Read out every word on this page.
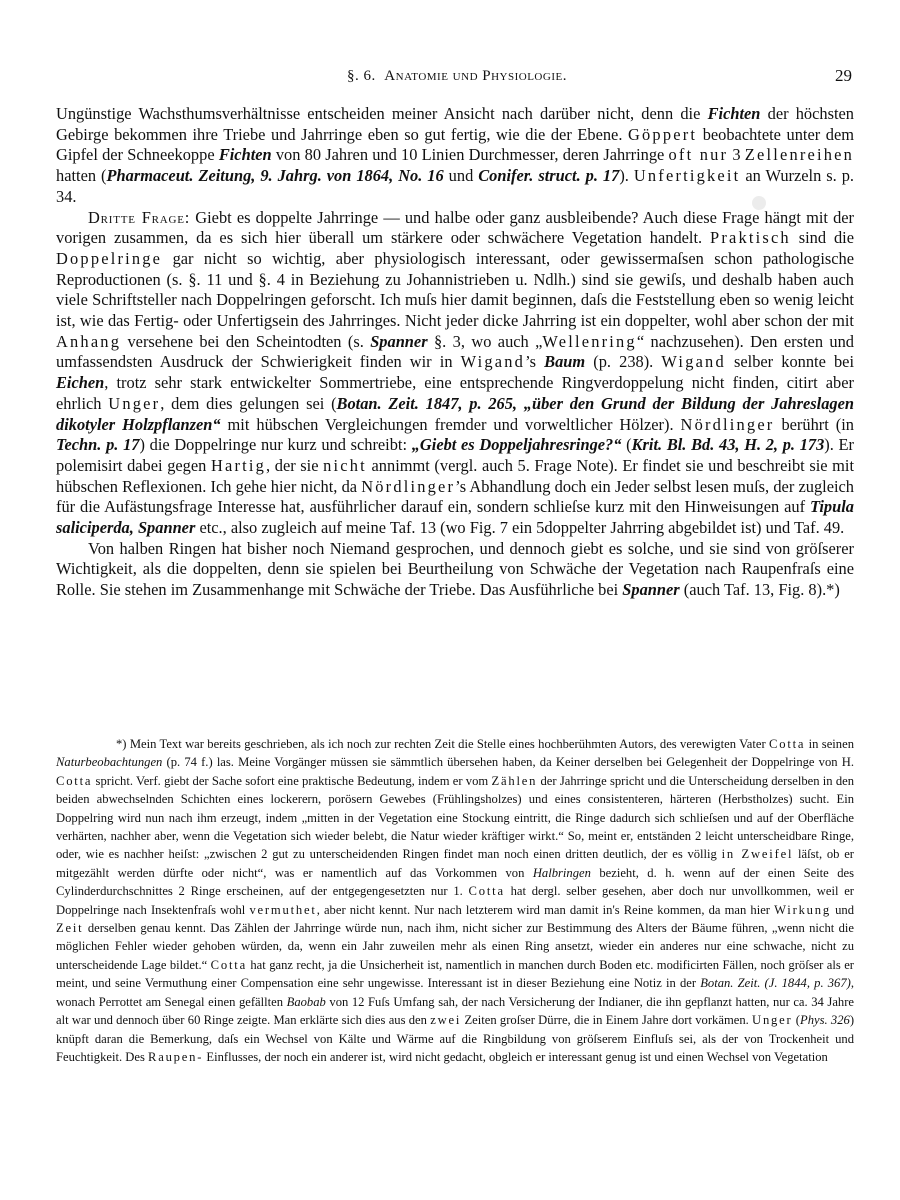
§. 6. Anatomie und Physiologie.	29

Ungünstige Wachsthumsverhältnisse entscheiden meiner Ansicht nach darüber nicht, denn die Fichten der höchsten Gebirge bekommen ihre Triebe und Jahrringe eben so gut fertig, wie die der Ebene. Göppert beobachtete unter dem Gipfel der Schneekoppe Fichten von 80 Jahren und 10 Linien Durchmesser, deren Jahrringe oft nur 3 Zellenreihen hatten (Pharmaceut. Zeitung, 9. Jahrg. von 1864, No. 16 und Conifer. struct. p. 17). Unfertigkeit an Wurzeln s. p. 34.

Dritte Frage: Giebt es doppelte Jahrringe — und halbe oder ganz ausbleibende? Auch diese Frage hängt mit der vorigen zusammen, da es sich hier überall um stärkere oder schwächere Vegetation handelt. Praktisch sind die Doppelringe gar nicht so wichtig, aber physiologisch interessant, oder gewissermaſsen schon pathologische Reproductionen (s. §. 11 und §. 4 in Beziehung zu Johannistrieben u. Ndlh.) sind sie gewiſs, und deshalb haben auch viele Schriftsteller nach Doppelringen geforscht. Ich muſs hier damit beginnen, daſs die Feststellung eben so wenig leicht ist, wie das Fertig- oder Unfertigsein des Jahrringes. Nicht jeder dicke Jahrring ist ein doppelter, wohl aber schon der mit Anhang versehene bei den Scheintodten (s. Spanner §. 3, wo auch „Wellenring“ nachzusehen). Den ersten und umfassendsten Ausdruck der Schwierigkeit finden wir in Wigand’s Baum (p. 238). Wigand selber konnte bei Eichen, trotz sehr stark entwickelter Sommertriebe, eine entsprechende Ringverdoppelung nicht finden, citirt aber ehrlich Unger, dem dies gelungen sei (Botan. Zeit. 1847, p. 265, „über den Grund der Bildung der Jahreslagen dikotyler Holzpflanzen“ mit hübschen Vergleichungen fremder und vorweltlicher Hölzer). Nördlinger berührt (in Techn. p. 17) die Doppelringe nur kurz und schreibt: „Giebt es Doppeljahresringe?“ (Krit. Bl. Bd. 43, H. 2, p. 173). Er polemisirt dabei gegen Hartig, der sie nicht annimmt (vergl. auch 5. Frage Note). Er findet sie und beschreibt sie mit hübschen Reflexionen. Ich gehe hier nicht, da Nördlinger’s Abhandlung doch ein Jeder selbst lesen muſs, der zugleich für die Aufästungsfrage Interesse hat, ausführlicher darauf ein, sondern schlieſse kurz mit den Hinweisungen auf Tipula saliciperda, Spanner etc., also zugleich auf meine Taf. 13 (wo Fig. 7 ein 5doppelter Jahrring abgebildet ist) und Taf. 49.

Von halben Ringen hat bisher noch Niemand gesprochen, und dennoch giebt es solche, und sie sind von gröſserer Wichtigkeit, als die doppelten, denn sie spielen bei Beurtheilung von Schwäche der Vegetation nach Raupenfraſs eine Rolle. Sie stehen im Zusammenhange mit Schwäche der Triebe. Das Ausführliche bei Spanner (auch Taf. 13, Fig. 8).*)

*) Mein Text war bereits geschrieben, als ich noch zur rechten Zeit die Stelle eines hochberühmten Autors, des verewigten Vater Cotta in seinen Naturbeobachtungen (p. 74 f.) las. Meine Vorgänger müssen sie sämmtlich übersehen haben, da Keiner derselben bei Gelegenheit der Doppelringe von H. Cotta spricht. Verf. giebt der Sache sofort eine praktische Bedeutung, indem er vom Zählen der Jahrringe spricht und die Unterscheidung derselben in den beiden abwechselnden Schichten eines lockerern, porösern Gewebes (Frühlingsholzes) und eines consistenteren, härteren (Herbstholzes) sucht. Ein Doppelring wird nun nach ihm erzeugt, indem „mitten in der Vegetation eine Stockung eintritt, die Ringe dadurch sich schlieſsen und auf der Oberfläche verhärten, nachher aber, wenn die Vegetation sich wieder belebt, die Natur wieder kräftiger wirkt.“ So, meint er, entständen 2 leicht unterscheidbare Ringe, oder, wie es nachher heiſst: „zwischen 2 gut zu unterscheidenden Ringen findet man noch einen dritten deutlich, der es völlig in Zweifel läſst, ob er mitgezählt werden dürfte oder nicht“, was er namentlich auf das Vorkommen von Halbringen bezieht, d. h. wenn auf der einen Seite des Cylinderdurchschnittes 2 Ringe erscheinen, auf der entgegengesetzten nur 1. Cotta hat dergl. selber gesehen, aber doch nur unvollkommen, weil er Doppelringe nach Insektenfraſs wohl vermuthet, aber nicht kennt. Nur nach letzterem wird man damit in's Reine kommen, da man hier Wirkung und Zeit derselben genau kennt. Das Zählen der Jahrringe würde nun, nach ihm, nicht sicher zur Bestimmung des Alters der Bäume führen, „wenn nicht die möglichen Fehler wieder gehoben würden, da, wenn ein Jahr zuweilen mehr als einen Ring ansetzt, wieder ein anderes nur eine schwache, nicht zu unterscheidende Lage bildet.“ Cotta hat ganz recht, ja die Unsicherheit ist, namentlich in manchen durch Boden etc. modificirten Fällen, noch gröſser als er meint, und seine Vermuthung einer Compensation eine sehr ungewisse. Interessant ist in dieser Beziehung eine Notiz in der Botan. Zeit. (J. 1844, p. 367), wonach Perrottet am Senegal einen gefällten Baobab von 12 Fuſs Umfang sah, der nach Versicherung der Indianer, die ihn gepflanzt hatten, nur ca. 34 Jahre alt war und dennoch über 60 Ringe zeigte. Man erklärte sich dies aus den zwei Zeiten groſser Dürre, die in Einem Jahre dort vorkämen. Unger (Phys. 326) knüpft daran die Bemerkung, daſs ein Wechsel von Kälte und Wärme auf die Ringbildung von gröſserem Einfluſs sei, als der von Trockenheit und Feuchtigkeit. Des Raupen- Einflusses, der noch ein anderer ist, wird nicht gedacht, obgleich er interessant genug ist und einen Wechsel von Vegetation
